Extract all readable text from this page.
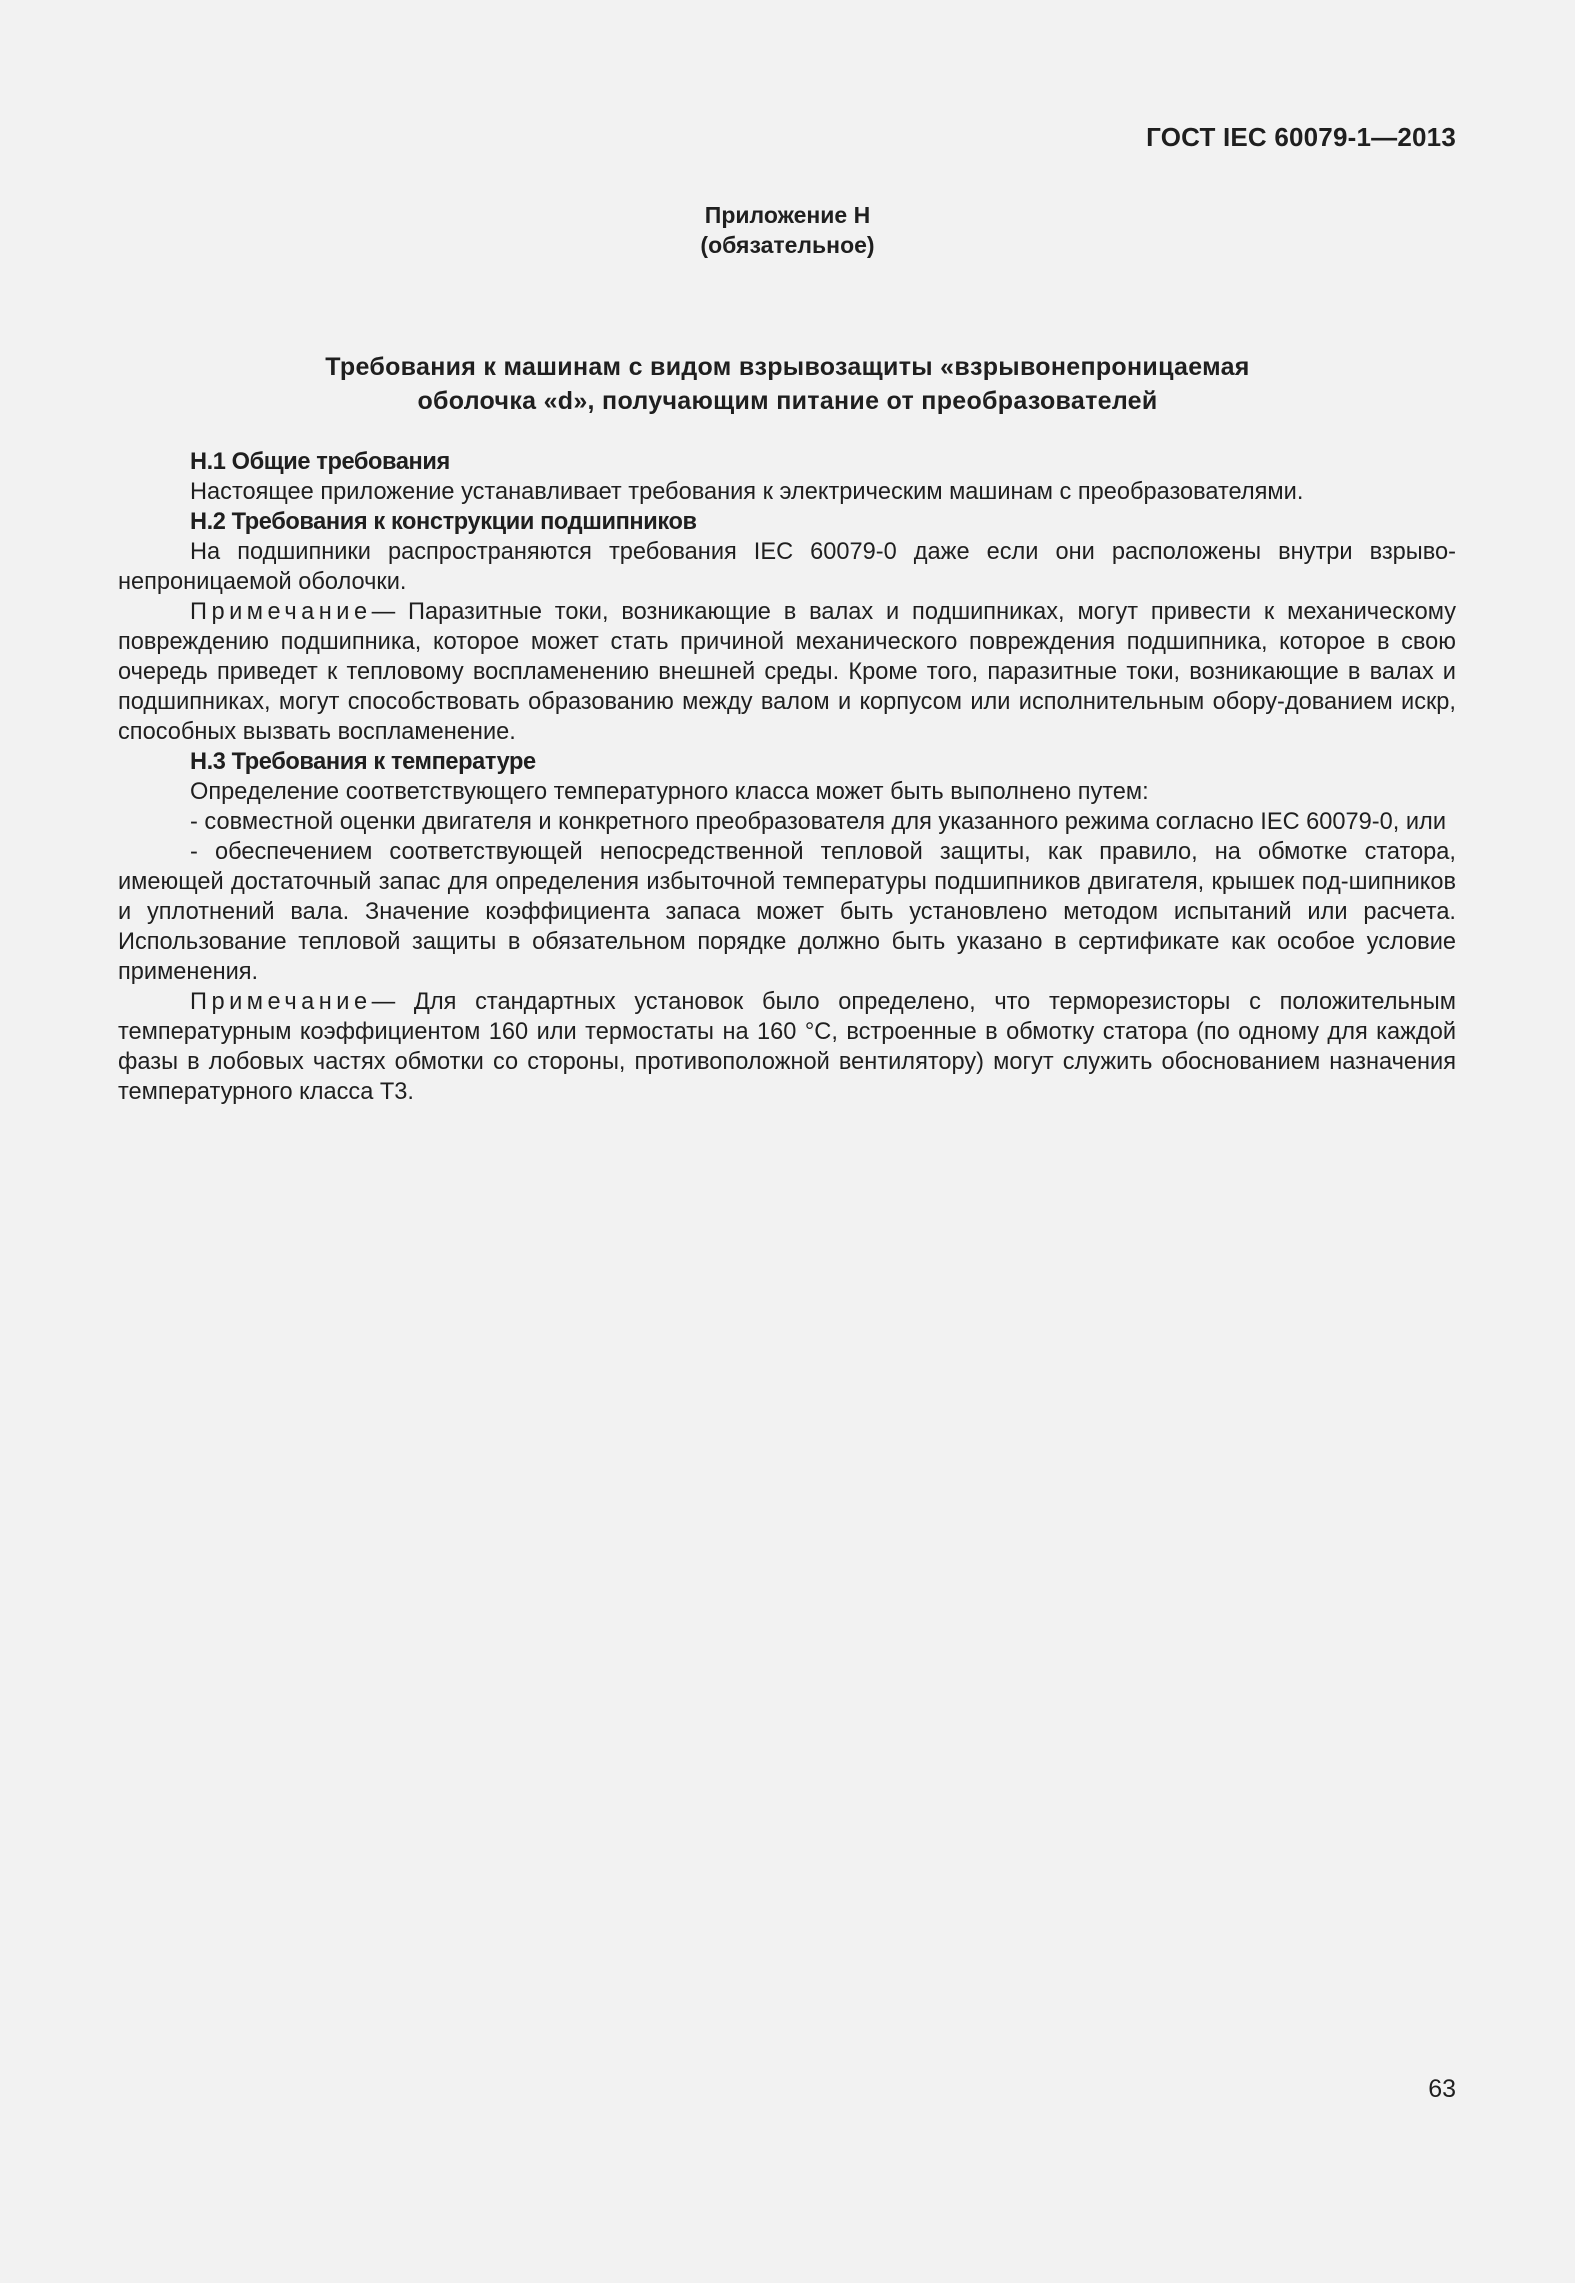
ГОСТ IEC 60079-1—2013
Приложение Н
(обязательное)
Требования к машинам с видом взрывозащиты «взрывонепроницаемая
оболочка «d», получающим питание от преобразователей
Н.1 Общие требования

Настоящее приложение устанавливает требования к электрическим машинам с преобразователями.

Н.2 Требования к конструкции подшипников

На подшипники распространяются требования IEC 60079-0 даже если они расположены внутри взрыво-непроницаемой оболочки.

Примечание— Паразитные токи, возникающие в валах и подшипниках, могут привести к механическому повреждению подшипника, которое может стать причиной механического повреждения подшипника, которое в свою очередь приведет к тепловому воспламенению внешней среды. Кроме того, паразитные токи, возникающие в валах и подшипниках, могут способствовать образованию между валом и корпусом или исполнительным обору-дованием искр, способных вызвать воспламенение.

Н.3 Требования к температуре

Определение соответствующего температурного класса может быть выполнено путем:

- совместной оценки двигателя и конкретного преобразователя для указанного режима согласно IEC 60079-0, или

- обеспечением соответствующей непосредственной тепловой защиты, как правило, на обмотке статора, имеющей достаточный запас для определения избыточной температуры подшипников двигателя, крышек под-шипников и уплотнений вала. Значение коэффициента запаса может быть установлено методом испытаний или расчета. Использование тепловой защиты в обязательном порядке должно быть указано в сертификате как особое условие применения.

Примечание— Для стандартных установок было определено, что терморезисторы с положительным температурным коэффициентом 160 или термостаты на 160 °С, встроенные в обмотку статора (по одному для каждой фазы в лобовых частях обмотки со стороны, противоположной вентилятору) могут служить обоснованием назначения температурного класса Т3.

63
